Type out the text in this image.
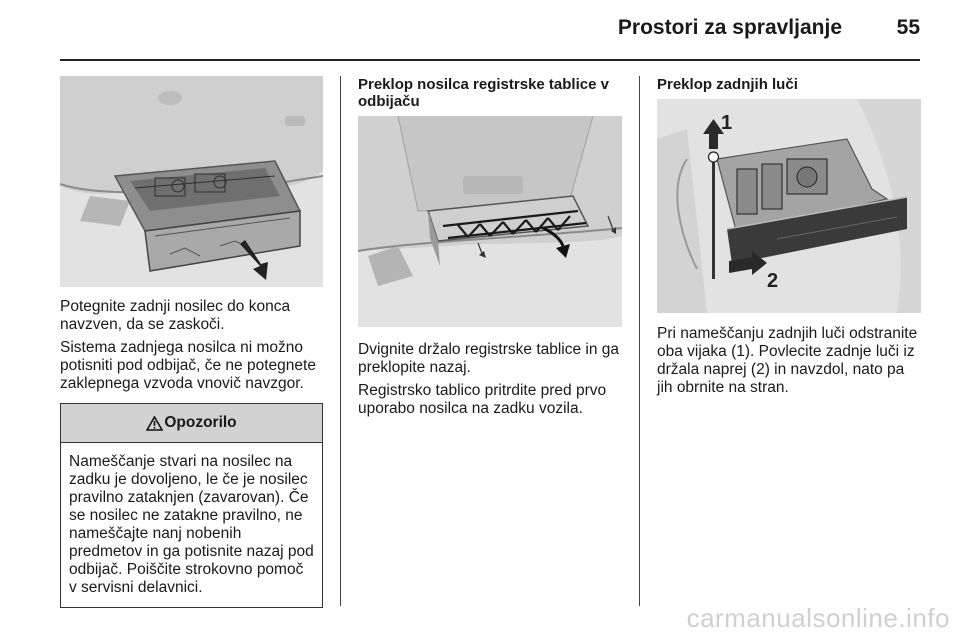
Prostori za spravljanje	55

Potegnite zadnji nosilec do konca navzven, da se zaskoči.

Sistema zadnjega nosilca ni možno potisniti pod odbijač, če ne potegnete zaklepnega vzvoda vnovič navzgor.

Opozorilo
Nameščanje stvari na nosilec na zadku je dovoljeno, le če je nosilec pravilno zataknjen (zavarovan). Če se nosilec ne zatakne pravilno, ne nameščajte nanj nobenih predmetov in ga potisnite nazaj pod odbijač. Poiščite strokovno pomoč v servisni delavnici.
Preklop nosilca registrske tablice v odbijaču

Dvignite držalo registrske tablice in ga preklopite nazaj.

Registrsko tablico pritrdite pred prvo uporabo nosilca na zadku vozila.

Preklop zadnjih luči
1
2

Pri nameščanju zadnjih luči odstranite oba vijaka (1). Povlecite zadnje luči iz držala naprej (2) in navzdol, nato pa jih obrnite na stran.

carmanualsonline.info
